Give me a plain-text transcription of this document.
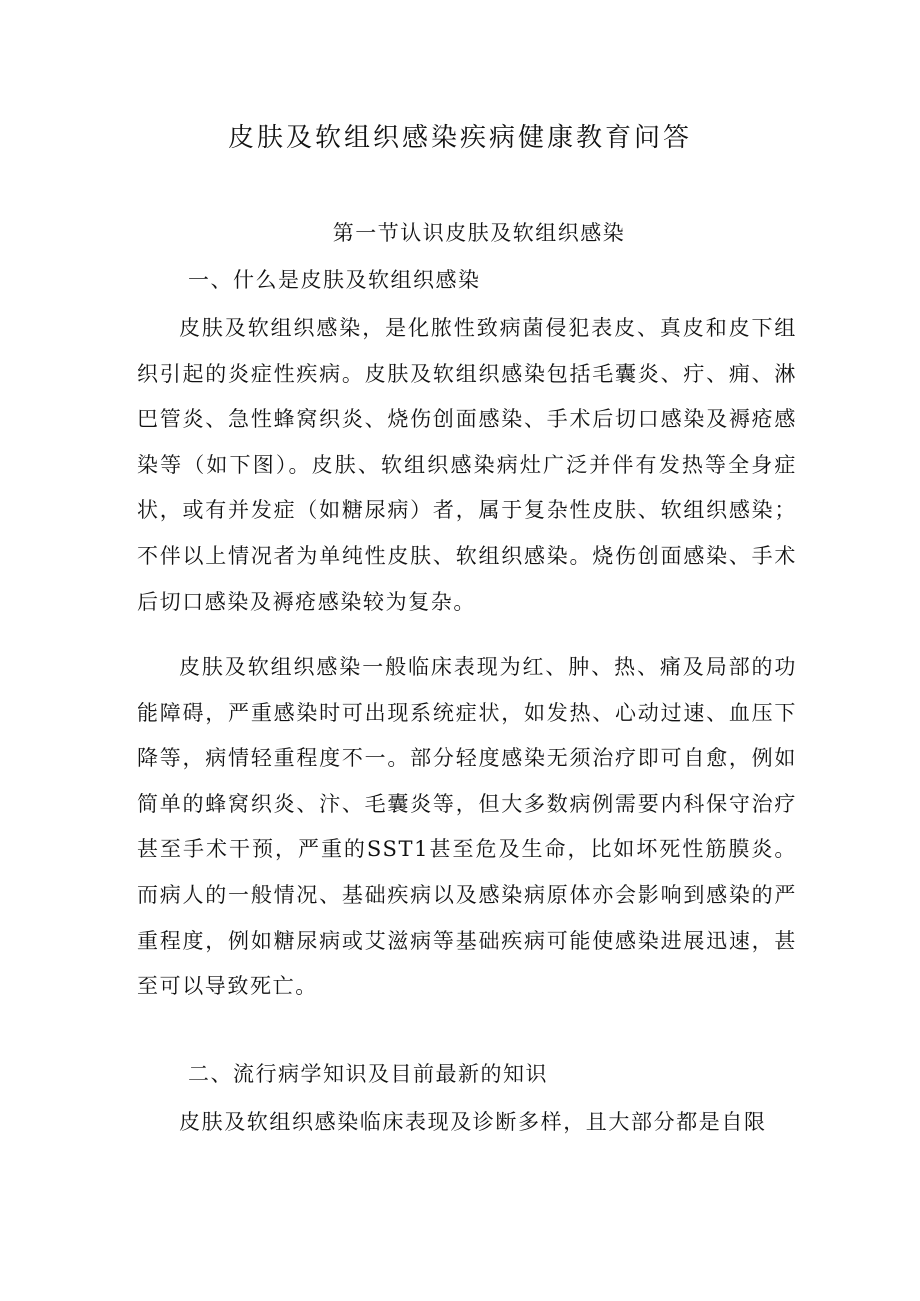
皮肤及软组织感染疾病健康教育问答
第一节认识皮肤及软组织感染
一、什么是皮肤及软组织感染

皮肤及软组织感染，是化脓性致病菌侵犯表皮、真皮和皮下组织引起的炎症性疾病。皮肤及软组织感染包括毛囊炎、疔、痈、淋巴管炎、急性蜂窝织炎、烧伤创面感染、手术后切口感染及褥疮感染等（如下图）。皮肤、软组织感染病灶广泛并伴有发热等全身症状，或有并发症（如糖尿病）者，属于复杂性皮肤、软组织感染；不伴以上情况者为单纯性皮肤、软组织感染。烧伤创面感染、手术后切口感染及褥疮感染较为复杂。

皮肤及软组织感染一般临床表现为红、肿、热、痛及局部的功能障碍，严重感染时可出现系统症状，如发热、心动过速、血压下降等，病情轻重程度不一。部分轻度感染无须治疗即可自愈，例如简单的蜂窝织炎、汴、毛囊炎等，但大多数病例需要内科保守治疗甚至手术干预，严重的SST1甚至危及生命，比如坏死性筋膜炎。而病人的一般情况、基础疾病以及感染病原体亦会影响到感染的严重程度，例如糖尿病或艾滋病等基础疾病可能使感染进展迅速，甚至可以导致死亡。

二、流行病学知识及目前最新的知识

皮肤及软组织感染临床表现及诊断多样，且大部分都是自限
